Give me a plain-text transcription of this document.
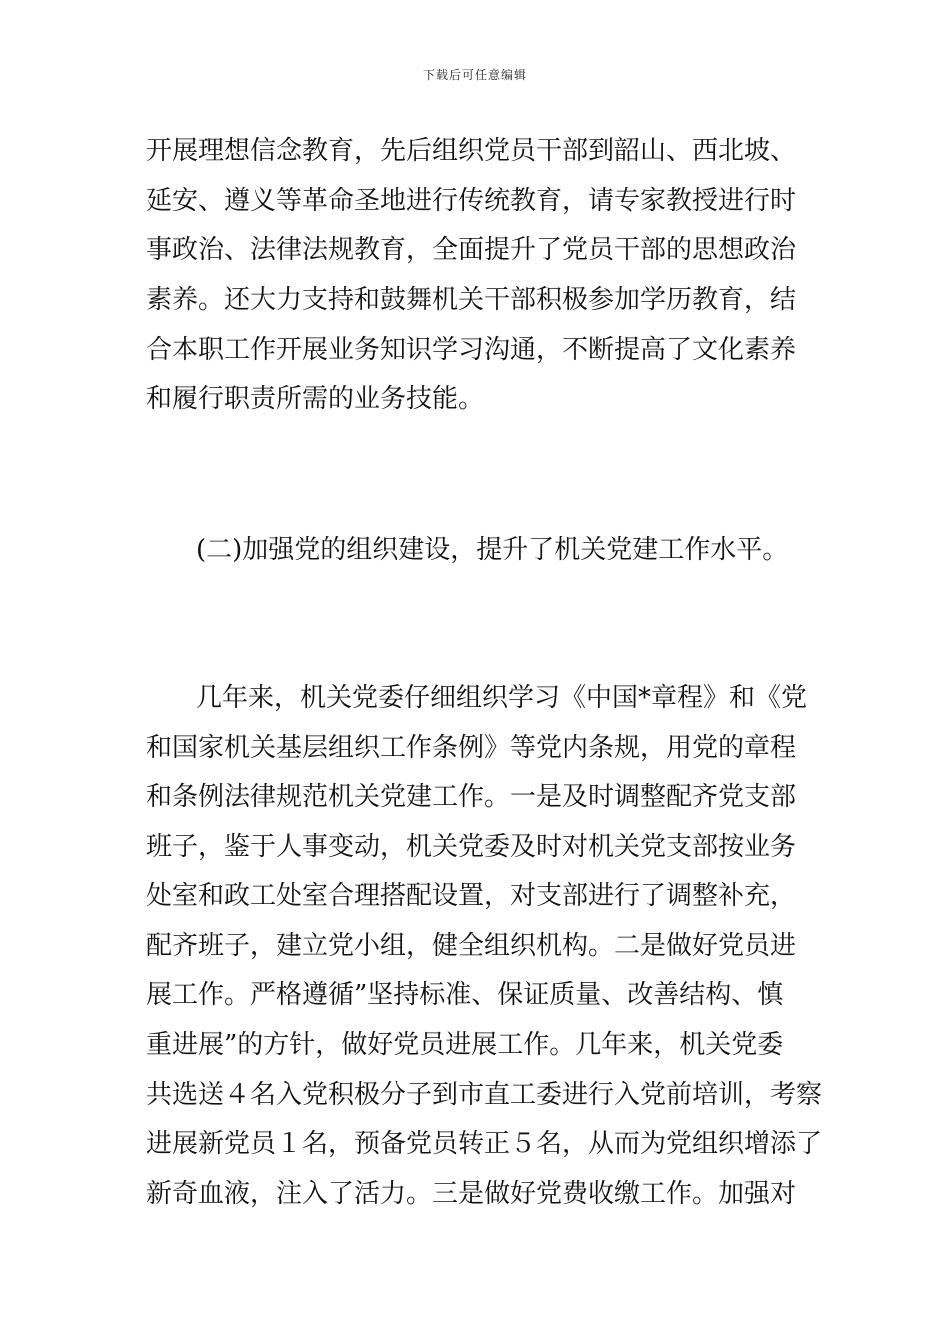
下载后可任意编辑
开展理想信念教育，先后组织党员干部到韶山、西北坡、
延安、遵义等革命圣地进行传统教育，请专家教授进行时
事政治、法律法规教育，全面提升了党员干部的思想政治
素养。还大力支持和鼓舞机关干部积极参加学历教育，结
合本职工作开展业务知识学习沟通，不断提高了文化素养
和履行职责所需的业务技能。
(二)加强党的组织建设，提升了机关党建工作水平。
几年来，机关党委仔细组织学习《中国*章程》和《党
和国家机关基层组织工作条例》等党内条规，用党的章程
和条例法律规范机关党建工作。一是及时调整配齐党支部
班子，鉴于人事变动，机关党委及时对机关党支部按业务
处室和政工处室合理搭配设置，对支部进行了调整补充，
配齐班子，建立党小组，健全组织机构。二是做好党员进
展工作。严格遵循”坚持标准、保证质量、改善结构、慎
重进展”的方针，做好党员进展工作。几年来，机关党委
共选送４名入党积极分子到市直工委进行入党前培训，考察
进展新党员１名，预备党员转正５名，从而为党组织增添了
新奇血液，注入了活力。三是做好党费收缴工作。加强对
